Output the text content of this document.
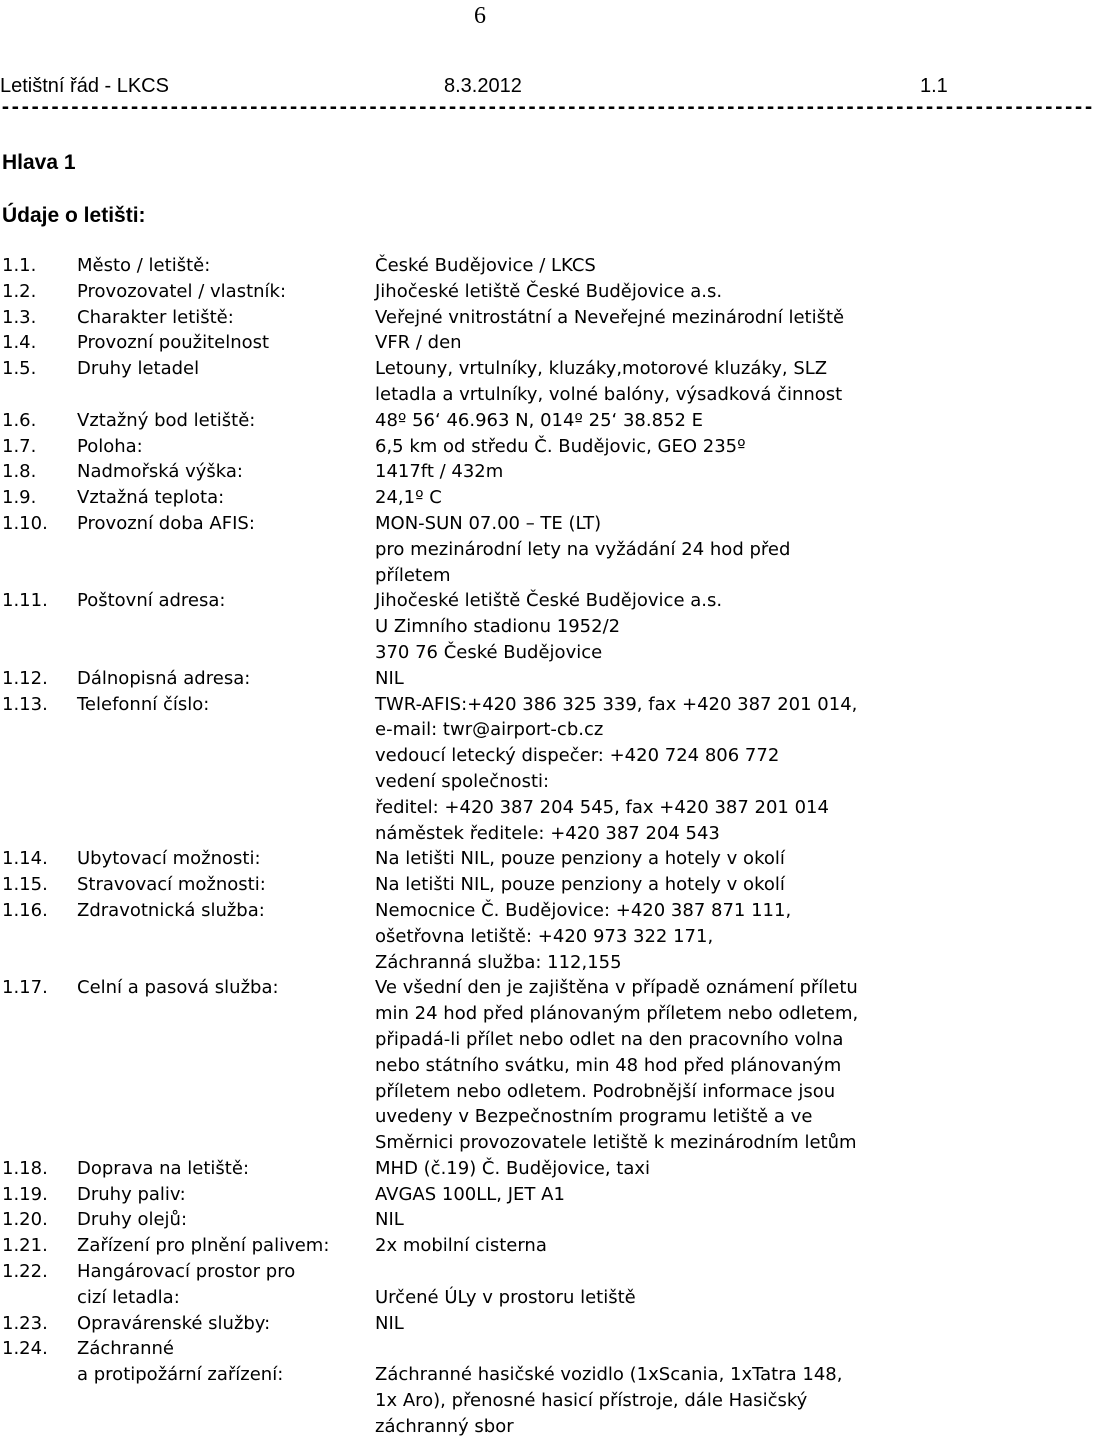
6
Letištní řád - LKCS	8.3.2012	1.1
--------------------------------------------------------------------------------------------------------------
Hlava 1
Údaje o letišti:
1.1.	Město / letiště:	České Budějovice / LKCS
1.2.	Provozovatel / vlastník:	Jihočeské letiště České Budějovice a.s.
1.3.	Charakter letiště:	Veřejné vnitrostátní a Neveřejné mezinárodní letiště
1.4.	Provozní použitelnost	VFR / den
1.5.	Druhy letadel	Letouny, vrtulníky, kluzáky,motorové kluzáky, SLZ
letadla a vrtulníky, volné balóny, výsadková činnost
1.6.	Vztažný bod letiště:	48º 56‘ 46.963 N, 014º 25‘ 38.852 E
1.7.	Poloha:	6,5 km od středu Č. Budějovic, GEO 235º
1.8.	Nadmořská výška:	1417ft / 432m
1.9.	Vztažná teplota:	24,1º C
1.10.	Provozní doba AFIS:	MON-SUN 07.00 – TE (LT)
pro mezinárodní lety na vyžádání 24 hod před
příletem
1.11.	Poštovní adresa:	Jihočeské letiště České Budějovice a.s.
U Zimního stadionu 1952/2
370 76 České Budějovice
1.12.	Dálnopisná adresa:	NIL
1.13.	Telefonní číslo:	TWR-AFIS:+420 386 325 339, fax +420 387 201 014,
e-mail: twr@airport-cb.cz
vedoucí letecký dispečer: +420 724 806 772
vedení společnosti:
ředitel: +420 387 204 545, fax +420 387 201 014
náměstek ředitele: +420 387 204 543
1.14.	Ubytovací možnosti:	Na letišti NIL, pouze penziony a hotely v okolí
1.15.	Stravovací možnosti:	Na letišti NIL, pouze penziony a hotely v okolí
1.16.	Zdravotnická služba:	Nemocnice Č. Budějovice: +420 387 871 111,
ošetřovna letiště: +420 973 322 171,
Záchranná služba: 112,155
1.17.	Celní a pasová služba:	Ve všední den je zajištěna v případě oznámení příletu
min 24 hod před plánovaným příletem nebo odletem,
připadá-li přílet nebo odlet na den pracovního volna
nebo státního svátku, min 48 hod před plánovaným
příletem nebo odletem. Podrobnější informace jsou
uvedeny v Bezpečnostním programu letiště a ve
Směrnici provozovatele letiště k mezinárodním letům
1.18.	Doprava na letiště:	MHD (č.19) Č. Budějovice, taxi
1.19.	Druhy paliv:	AVGAS 100LL, JET A1
1.20.	Druhy olejů:	NIL
1.21.	Zařízení pro plnění palivem:	2x mobilní cisterna
1.22.	Hangárovací prostor pro
cizí letadla:	Určené ÚLy v prostoru letiště
1.23.	Opravárenské služby:	NIL
1.24.	Záchranné
a protipožární zařízení:	Záchranné hasičské vozidlo (1xScania, 1xTatra 148,
1x Aro), přenosné hasicí přístroje, dále Hasičský
záchranný sbor
